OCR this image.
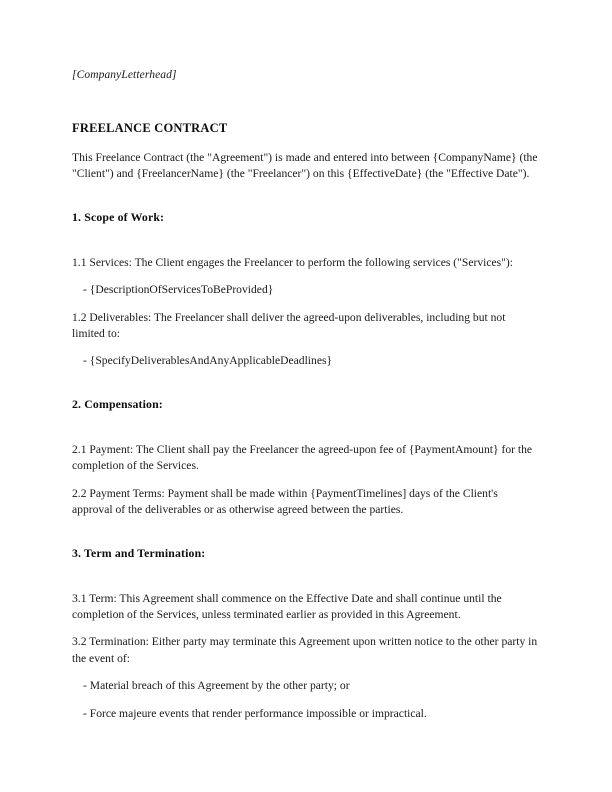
[CompanyLetterhead]
FREELANCE CONTRACT

This Freelance Contract (the "Agreement") is made and entered into between {CompanyName} (the "Client") and {FreelancerName} (the "Freelancer") on this {EffectiveDate} (the "Effective Date").

1. Scope of Work:

1.1 Services: The Client engages the Freelancer to perform the following services ("Services"):

- {DescriptionOfServicesToBeProvided}

1.2 Deliverables: The Freelancer shall deliver the agreed-upon deliverables, including but not limited to:

- {SpecifyDeliverablesAndAnyApplicableDeadlines}

2. Compensation:

2.1 Payment: The Client shall pay the Freelancer the agreed-upon fee of {PaymentAmount} for the completion of the Services.

2.2 Payment Terms: Payment shall be made within {PaymentTimelines] days of the Client's approval of the deliverables or as otherwise agreed between the parties.

3. Term and Termination:

3.1 Term: This Agreement shall commence on the Effective Date and shall continue until the completion of the Services, unless terminated earlier as provided in this Agreement.

3.2 Termination: Either party may terminate this Agreement upon written notice to the other party in the event of:

- Material breach of this Agreement by the other party; or

- Force majeure events that render performance impossible or impractical.
